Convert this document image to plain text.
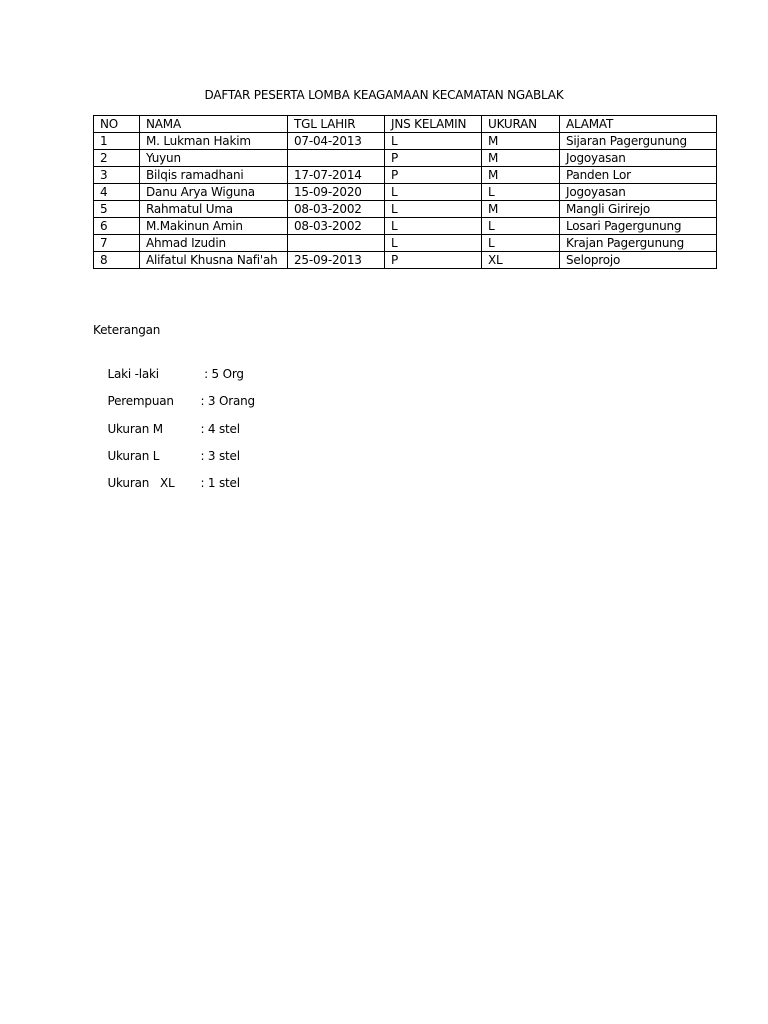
DAFTAR PESERTA LOMBA KEAGAMAAN KECAMATAN NGABLAK
NO	NAMA	TGL LAHIR	JNS KELAMIN	UKURAN	ALAMAT
1	M. Lukman Hakim	07-04-2013	L	M	Sijaran Pagergunung
2	Yuyun		P	M	Jogoyasan
3	Bilqis ramadhani	17-07-2014	P	M	Panden Lor
4	Danu Arya Wiguna	15-09-2020	L	L	Jogoyasan
5	Rahmatul Uma	08-03-2002	L	M	Mangli Girirejo
6	M.Makinun Amin	08-03-2002	L	L	Losari Pagergunung
7	Ahmad Izudin		L	L	Krajan Pagergunung
8	Alifatul Khusna Nafi'ah	25-09-2013	P	XL	Seloprojo
Keterangan

Laki -laki	: 5 Org

Perempuan : 3 Orang

Ukuran M	: 4 stel

Ukuran L	: 3 stel

Ukuran   XL : 1 stel
